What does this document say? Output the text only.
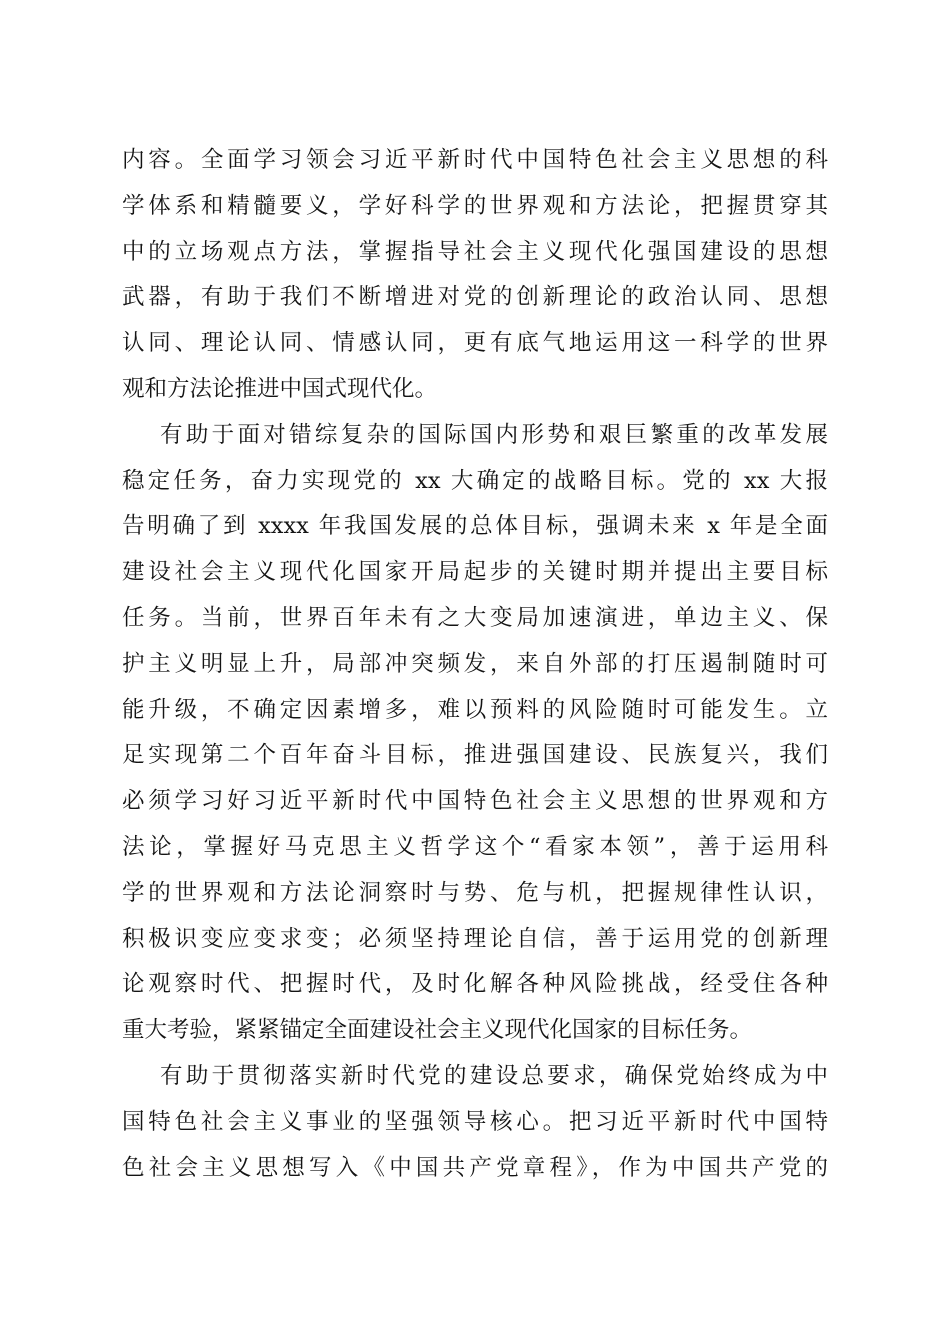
内容。全面学习领会习近平新时代中国特色社会主义思想的科
学体系和精髓要义，学好科学的世界观和方法论，把握贯穿其
中的立场观点方法，掌握指导社会主义现代化强国建设的思想
武器，有助于我们不断增进对党的创新理论的政治认同、思想
认同、理论认同、情感认同，更有底气地运用这一科学的世界
观和方法论推进中国式现代化。
有助于面对错综复杂的国际国内形势和艰巨繁重的改革发展
稳定任务，奋力实现党的 xx 大确定的战略目标。党的 xx 大报
告明确了到 xxxx 年我国发展的总体目标，强调未来 x 年是全面
建设社会主义现代化国家开局起步的关键时期并提出主要目标
任务。当前，世界百年未有之大变局加速演进，单边主义、保
护主义明显上升，局部冲突频发，来自外部的打压遏制随时可
能升级，不确定因素增多，难以预料的风险随时可能发生。立
足实现第二个百年奋斗目标，推进强国建设、民族复兴，我们
必须学习好习近平新时代中国特色社会主义思想的世界观和方
法论，掌握好马克思主义哲学这个“看家本领”，善于运用科
学的世界观和方法论洞察时与势、危与机，把握规律性认识，
积极识变应变求变；必须坚持理论自信，善于运用党的创新理
论观察时代、把握时代，及时化解各种风险挑战，经受住各种
重大考验，紧紧锚定全面建设社会主义现代化国家的目标任务。
有助于贯彻落实新时代党的建设总要求，确保党始终成为中
国特色社会主义事业的坚强领导核心。把习近平新时代中国特
色社会主义思想写入《中国共产党章程》，作为中国共产党的
